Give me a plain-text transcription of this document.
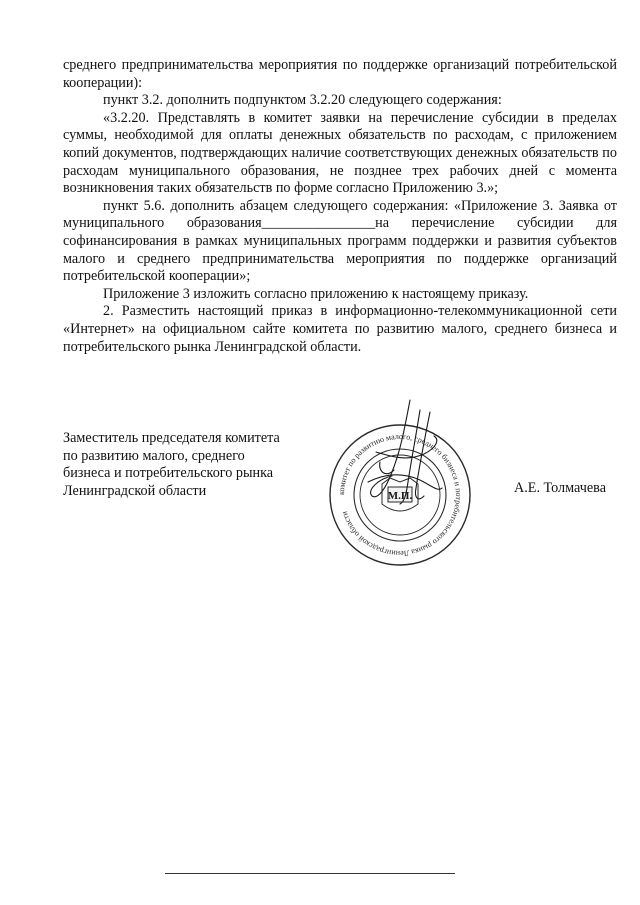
среднего предпринимательства мероприятия по поддержке организаций потребительской кооперации):

пункт 3.2. дополнить подпунктом 3.2.20 следующего содержания:

«3.2.20. Представлять в комитет заявки на перечисление субсидии в пределах суммы, необходимой для оплаты денежных обязательств по расходам, с приложением копий документов, подтверждающих наличие соответствующих денежных обязательств по расходам муниципального образования, не позднее трех рабочих дней с момента возникновения таких обязательств по форме согласно Приложению 3.»;

пункт 5.6. дополнить абзацем следующего содержания: «Приложение 3. Заявка от муниципального образования________________на перечисление субсидии для софинансирования в рамках муниципальных программ поддержки и развития субъектов малого и среднего предпринимательства мероприятия по поддержке организаций потребительской кооперации»;

Приложение 3 изложить согласно приложению к настоящему приказу.

2. Разместить настоящий приказ в информационно-телекоммуникационной сети «Интернет» на официальном сайте комитета по развитию малого, среднего бизнеса и потребительского рынка Ленинградской области.

Заместитель председателя комитета
по развитию малого, среднего
бизнеса и потребительского рынка
Ленинградской области	комитет по развитию малого, среднего бизнеса и потребительского рынка Ленинградской области
М.П.	А.Е. Толмачева
